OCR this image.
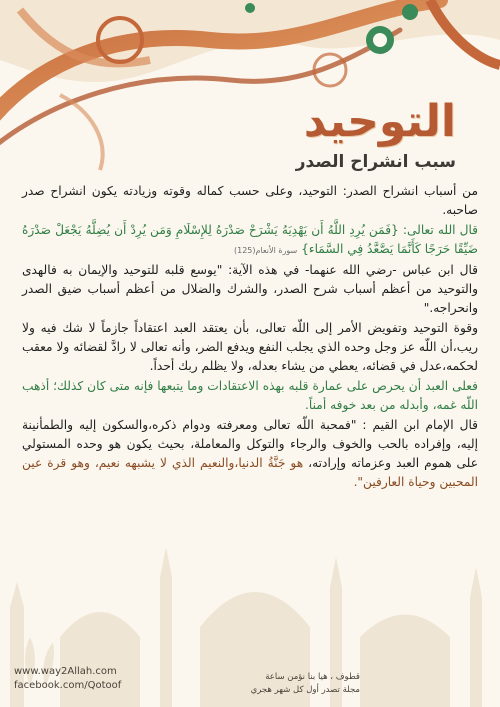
التوحيد
سبب انشراح الصدر

من أسباب انشراح الصدر: التوحيد، وعلى حسب كماله وقوته وزيادته يكون انشراح صدر صاحبه.

قال الله تعالى: {فَمَن يُرِدِ اللَّهُ أَن يَهْدِيَهُ يَشْرَحْ صَدْرَهُ لِلإِسْلَامِ وَمَن يُرِدْ أَن يُضِلَّهُ يَجْعَلْ صَدْرَهُ ضَيِّقًا حَرَجًا كَأَنَّمَا يَصَّعَّدُ فِي السَّمَاء} سورة الأنعام(125)

قال ابن عباس -رضي الله عنهما- في هذه الآية: "يوسع قلبه للتوحيد والإيمان به فالهدى والتوحيد من أعظم أسباب شرح الصدر، والشرك والضلال من أعظم أسباب ضيق الصدر وانحراجه."

وقوة التوحيد وتفويض الأمر إلى اللّه تعالى، بأن يعتقد العبد اعتقاداً جازماً لا شك فيه ولا ريب،أن اللّه عز وجل وحده الذي يجلب النفع ويدفع الضر، وأنه تعالى لا رادَّ لقضائه ولا معقب لحكمه،عدل في قضائه، يعطي من يشاء بعدله، ولا يظلم ربك أحداً.

فعلى العبد أن يحرص على عمارة قلبه بهذه الاعتقادات وما يتبعها فإنه متى كان كذلك؛ أذهب اللّه غمه، وأبدله من بعد خوفه أمناً.

قال الإمام ابن القيم : "فمحبة اللّه تعالى ومعرفته ودوام ذكره،والسكون إليه والطمأنينة إليه، وإفراده بالحب والخوف والرجاء والتوكل والمعاملة، بحيث يكون هو وحده المستولي على هموم العبد وعزماته وإرادته، هو جَنَّةُ الدنيا،والنعيم الذي لا يشبهه نعيم، وهو قرة عين المحبين وحياة العارفين".

www.way2Allah.com
facebook.com/Qotoof
قطوف ، هيا بنا نؤمن ساعة
مجلة تصدر أول كل شهر هجري
